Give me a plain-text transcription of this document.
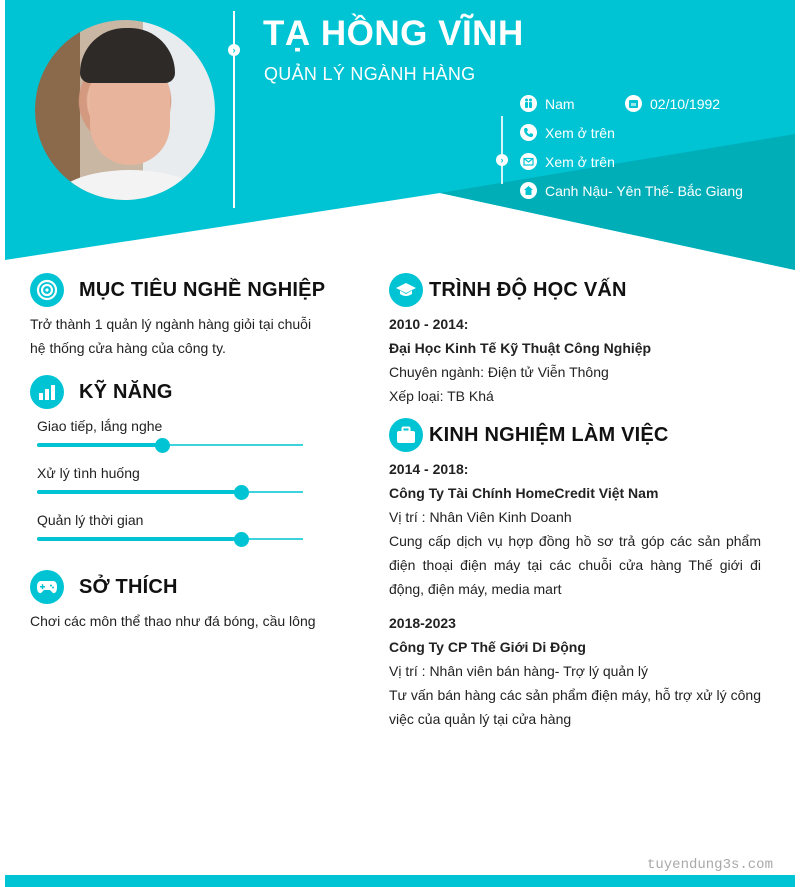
› TẠ HỒNG VĨNH
QUẢN LÝ NGÀNH HÀNG
›
Nam	02/10/1992
Xem ở trên
Xem ở trên
Canh Nậu- Yên Thế- Bắc Giang
MỤC TIÊU NGHỀ NGHIỆP
Trở thành 1 quản lý ngành hàng giỏi tại chuỗi
hệ thống cửa hàng của công ty.
KỸ NĂNG
Giao tiếp, lắng nghe
Xử lý tình huống
Quản lý thời gian
SỞ THÍCH
Chơi các môn thể thao như đá bóng, cầu lông
TRÌNH ĐỘ HỌC VẤN
2010 - 2014:
Đại Học Kinh Tế Kỹ Thuật Công Nghiệp
Chuyên ngành: Điện tử Viễn Thông
Xếp loại: TB Khá
KINH NGHIỆM LÀM VIỆC
2014 - 2018:
Công Ty Tài Chính HomeCredit Việt Nam
Vị trí : Nhân Viên Kinh Doanh
Cung cấp dịch vụ hợp đồng hồ sơ trả góp các sản phẩm điện thoại điện máy tại các chuỗi cửa hàng Thế giới đi động, điện máy, media mart
2018-2023
Công Ty CP Thế Giới Di Động
Vị trí : Nhân viên bán hàng- Trợ lý quản lý
Tư vấn bán hàng các sản phẩm điện máy, hỗ trợ xử lý công việc của quản lý tại cửa hàng
tuyendung3s.com
